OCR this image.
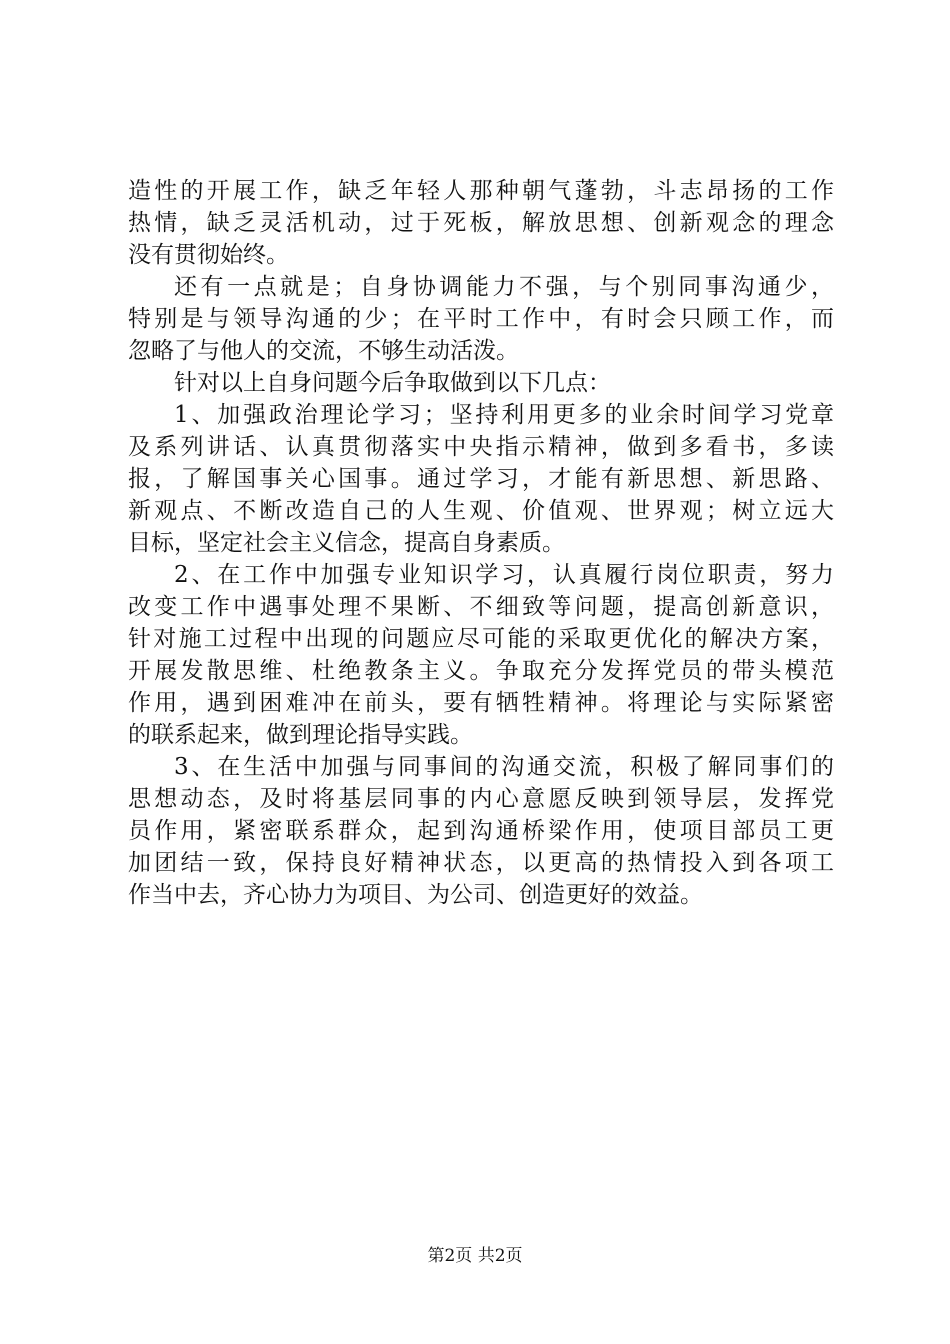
造性的开展工作，缺乏年轻人那种朝气蓬勃，斗志昂扬的工作
热情，缺乏灵活机动，过于死板，解放思想、创新观念的理念
没有贯彻始终。
还有一点就是；自身协调能力不强，与个别同事沟通少，
特别是与领导沟通的少；在平时工作中，有时会只顾工作，而
忽略了与他人的交流，不够生动活泼。
针对以上自身问题今后争取做到以下几点：
1、加强政治理论学习；坚持利用更多的业余时间学习党章
及系列讲话、认真贯彻落实中央指示精神，做到多看书，多读
报，了解国事关心国事。通过学习，才能有新思想、新思路、
新观点、不断改造自己的人生观、价值观、世界观；树立远大
目标，坚定社会主义信念，提高自身素质。
2、在工作中加强专业知识学习，认真履行岗位职责，努力
改变工作中遇事处理不果断、不细致等问题，提高创新意识，
针对施工过程中出现的问题应尽可能的采取更优化的解决方案，
开展发散思维、杜绝教条主义。争取充分发挥党员的带头模范
作用，遇到困难冲在前头，要有牺牲精神。将理论与实际紧密
的联系起来，做到理论指导实践。
3、在生活中加强与同事间的沟通交流，积极了解同事们的
思想动态，及时将基层同事的内心意愿反映到领导层，发挥党
员作用，紧密联系群众，起到沟通桥梁作用，使项目部员工更
加团结一致，保持良好精神状态，以更高的热情投入到各项工
作当中去，齐心协力为项目、为公司、创造更好的效益。
第2页 共2页
